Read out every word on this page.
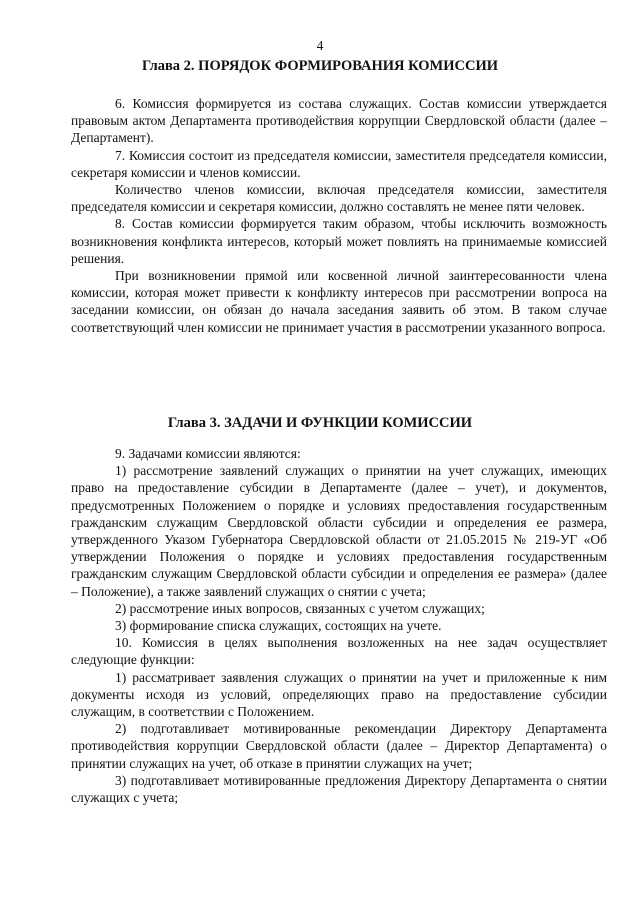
4
Глава 2. ПОРЯДОК ФОРМИРОВАНИЯ КОМИССИИ

6. Комиссия формируется из состава служащих. Состав комиссии утверждается правовым актом Департамента противодействия коррупции Свердловской области (далее – Департамент).

7. Комиссия состоит из председателя комиссии, заместителя председателя комиссии, секретаря комиссии и членов комиссии.

Количество членов комиссии, включая председателя комиссии, заместителя председателя комиссии и секретаря комиссии, должно составлять не менее пяти человек.

8. Состав комиссии формируется таким образом, чтобы исключить возможность возникновения конфликта интересов, который может повлиять на принимаемые комиссией решения.

При возникновении прямой или косвенной личной заинтересованности члена комиссии, которая может привести к конфликту интересов при рассмотрении вопроса на заседании комиссии, он обязан до начала заседания заявить об этом. В таком случае соответствующий член комиссии не принимает участия в рассмотрении указанного вопроса.

Глава 3. ЗАДАЧИ И ФУНКЦИИ КОМИССИИ

9. Задачами комиссии являются:

1) рассмотрение заявлений служащих о принятии на учет служащих, имеющих право на предоставление субсидии в Департаменте (далее – учет), и документов, предусмотренных Положением о порядке и условиях предоставления государственным гражданским служащим Свердловской области субсидии и определения ее размера, утвержденного Указом Губернатора Свердловской области от 21.05.2015 № 219-УГ «Об утверждении Положения о порядке и условиях предоставления государственным гражданским служащим Свердловской области субсидии и определения ее размера» (далее – Положение), а также заявлений служащих о снятии с учета;

2) рассмотрение иных вопросов, связанных с учетом служащих;

3) формирование списка служащих, состоящих на учете.

10. Комиссия в целях выполнения возложенных на нее задач осуществляет следующие функции:

1) рассматривает заявления служащих о принятии на учет и приложенные к ним документы исходя из условий, определяющих право на предоставление субсидии служащим, в соответствии с Положением.

2) подготавливает мотивированные рекомендации Директору Департамента противодействия коррупции Свердловской области (далее – Директор Департамента) о принятии служащих на учет, об отказе в принятии служащих на учет;

3) подготавливает мотивированные предложения Директору Департамента о снятии служащих с учета;
